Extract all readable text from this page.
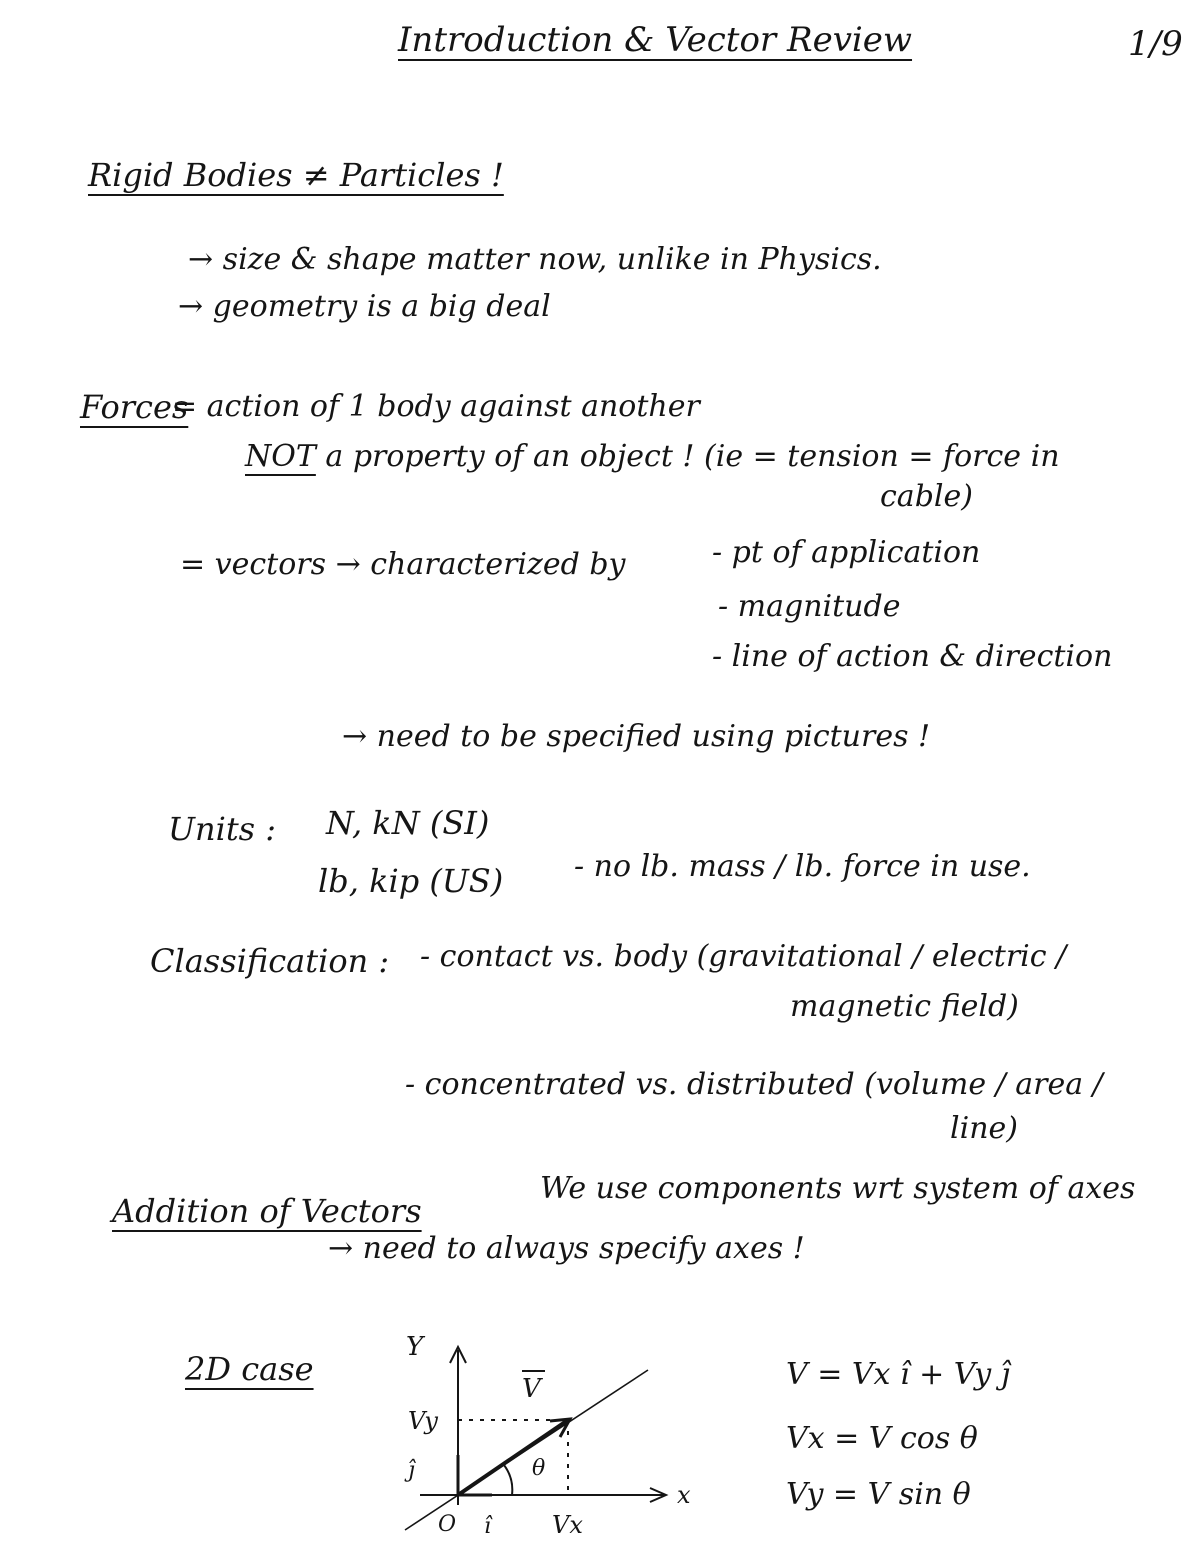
Introduction & Vector Review	1/9
Rigid Bodies ≠ Particles !
→ size & shape matter now, unlike in Physics.
→ geometry is a big deal
Forces
= action of 1 body against another
NOT a property of an object ! (ie = tension = force in
cable)
= vectors → characterized by	- pt of application
- magnitude
- line of action & direction
→ need to be specified using pictures !
Units : N, kN (SI)
lb, kip (US) - no lb. mass / lb. force in use.
Classification : - contact vs. body (gravitational / electric /
magnetic field)
- concentrated vs. distributed (volume / area /
line)
Addition of Vectors
We use components wrt system of axes
→ need to always specify axes !
2D case
Y
x
V
Vy
Vx
θ
ĵ
î
O
V = Vx î + Vy ĵ
Vx = V cos θ
Vy = V sin θ
